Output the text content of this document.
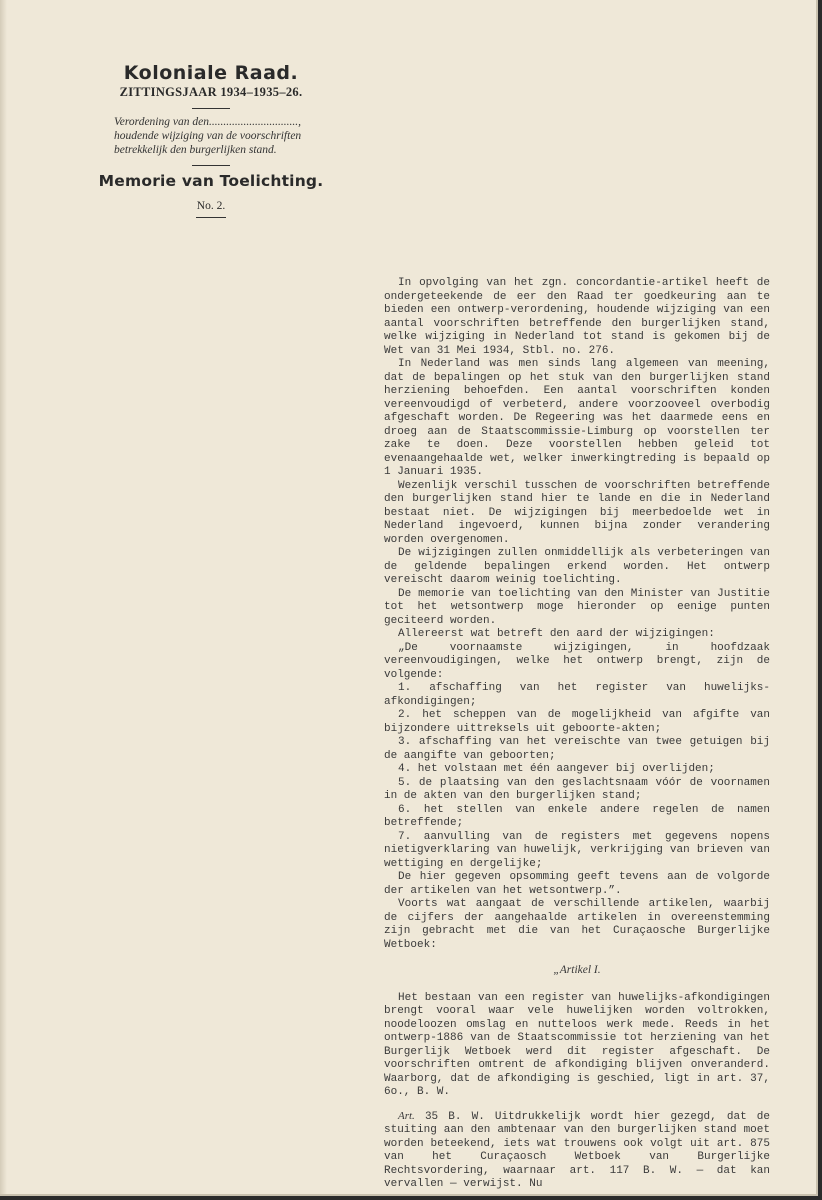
Koloniale Raad.

ZITTINGSJAAR 1934–1935–26.

Verordening van den...............................,

houdende wijziging van de voorschriften

betrekkelijk den burgerlijken stand.

Memorie van Toelichting.

No. 2.

In opvolging van het zgn. concordantie-artikel heeft de ondergeteekende de eer den Raad ter goedkeuring aan te bieden een ontwerp-verordening, houdende wijziging van een aantal voorschriften betreffende den burgerlijken stand, welke wijziging in Nederland tot stand is gekomen bij de Wet van 31 Mei 1934, Stbl. no. 276.

In Nederland was men sinds lang algemeen van meening, dat de bepalingen op het stuk van den burgerlijken stand herziening behoefden. Een aantal voorschriften konden vereenvoudigd of verbeterd, andere voorzooveel overbodig afgeschaft worden. De Regeering was het daarmede eens en droeg aan de Staatscommissie-Limburg op voorstellen ter zake te doen. Deze voorstellen hebben geleid tot evenaangehaalde wet, welker inwerkingtreding is bepaald op 1 Januari 1935.

Wezenlijk verschil tusschen de voorschriften betreffende den burgerlijken stand hier te lande en die in Nederland bestaat niet. De wijzigingen bij meerbedoelde wet in Nederland ingevoerd, kunnen bijna zonder verandering worden overgenomen.

De wijzigingen zullen onmiddellijk als verbeteringen van de geldende bepalingen erkend worden. Het ontwerp vereischt daarom weinig toelichting.

De memorie van toelichting van den Minister van Justitie tot het wetsontwerp moge hieronder op eenige punten geciteerd worden.

Allereerst wat betreft den aard der wijzigingen:

„De voornaamste wijzigingen, in hoofdzaak vereenvoudigingen, welke het ontwerp brengt, zijn de volgende:

1. afschaffing van het register van huwelijks-afkondigingen;

2. het scheppen van de mogelijkheid van afgifte van bijzondere uittreksels uit geboorte-akten;

3. afschaffing van het vereischte van twee getuigen bij de aangifte van geboorten;

4. het volstaan met één aangever bij overlijden;

5. de plaatsing van den geslachtsnaam vóór de voornamen in de akten van den burgerlijken stand;

6. het stellen van enkele andere regelen de namen betreffende;

7. aanvulling van de registers met gegevens nopens nietigverklaring van huwelijk, verkrijging van brieven van wettiging en dergelijke;

De hier gegeven opsomming geeft tevens aan de volgorde der artikelen van het wetsontwerp.”.

Voorts wat aangaat de verschillende artikelen, waarbij de cijfers der aangehaalde artikelen in overeenstemming zijn gebracht met die van het Curaçaosche Burgerlijke Wetboek:

„Artikel I.

Het bestaan van een register van huwelijks-afkondigingen brengt vooral waar vele huwelijken worden voltrokken, noodeloozen omslag en nutteloos werk mede. Reeds in het ontwerp-1886 van de Staatscommissie tot herziening van het Burgerlijk Wetboek werd dit register afgeschaft. De voorschriften omtrent de afkondiging blijven onveranderd. Waarborg, dat de afkondiging is geschied, ligt in art. 37, 6o., B. W.

Art. 35 B. W. Uitdrukkelijk wordt hier gezegd, dat de stuiting aan den ambtenaar van den burgerlijken stand moet worden beteekend, iets wat trouwens ook volgt uit art. 875 van het Curaçaosch Wetboek van Burgerlijke Rechtsvordering, waarnaar art. 117 B. W. — dat kan vervallen — verwijst. Nu
